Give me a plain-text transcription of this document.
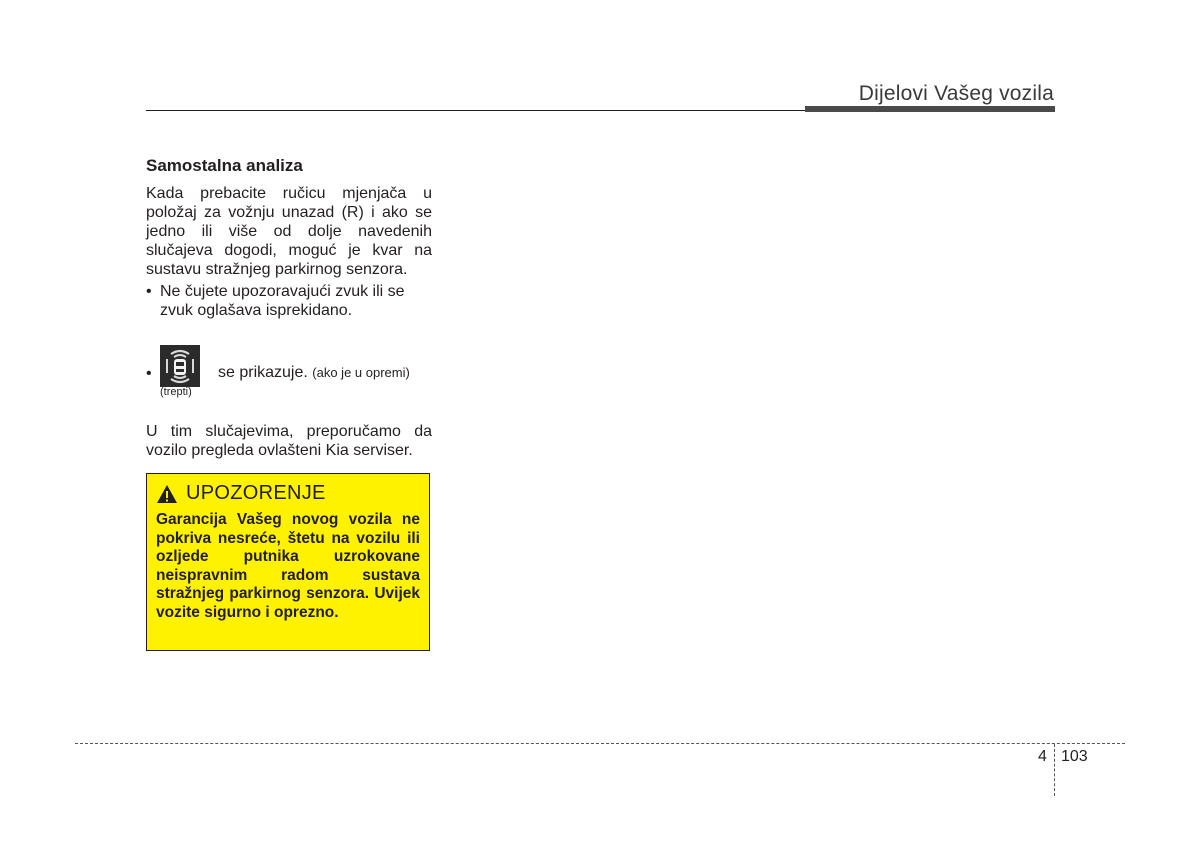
Dijelovi Vašeg vozila
Samostalna analiza

Kada prebacite ručicu mjenjača u položaj za vožnju unazad (R) i ako se jedno ili više od dolje navedenih slučajeva dogodi, moguć je kvar na sustavu stražnjeg parkirnog senzora.

• Ne čujete upozoravajući zvuk ili se zvuk oglašava isprekidano.
•
(trepti)
se prikazuje. (ako je u opremi)

U tim slučajevima, preporučamo da vozilo pregleda ovlašteni Kia serviser.

UPOZORENJE

Garancija Vašeg novog vozila ne pokriva nesreće, štetu na vozilu ili ozljede putnika uzrokovane neispravnim radom sustava stražnjeg parkirnog senzora. Uvijek vozite sigurno i oprezno.

4 103
